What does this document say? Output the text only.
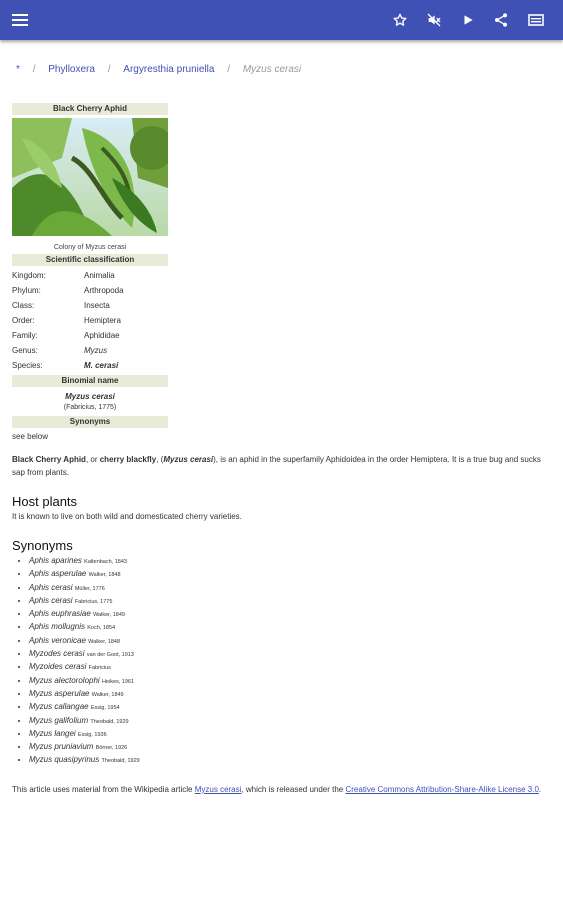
* / Phylloxera / Argyresthia pruniella / Myzus cerasi
Black Cherry Aphid
Colony of Myzus cerasi
Scientific classification
Kingdom:	Animalia
Phylum:	Arthropoda
Class:	Insecta
Order:	Hemiptera
Family:	Aphididae
Genus:	Myzus
Species:	M. cerasi
Binomial name
Myzus cerasi
(Fabricius, 1775)
Synonyms
see below

Black Cherry Aphid, or cherry blackfly, (Myzus cerasi), is an aphid in the superfamily Aphidoidea in the order Hemiptera. It is a true bug and sucks sap from plants.

Host plants

It is known to live on both wild and domesticated cherry varieties.

Synonyms
• Aphis aparines Kaltenbach, 1843
• Aphis asperulae Walker, 1848
• Aphis cerasi Müller, 1776
• Aphis cerasi Fabricius, 1775
• Aphis euphrasiae Walker, 1849
• Aphis mollugnis Koch, 1854
• Aphis veronicae Walker, 1848
• Myzodes cerasi van der Goot, 1913
• Myzoides cerasi Fabricius
• Myzus alectorolophi Heikes, 1961
• Myzus asperulae Walker, 1849
• Myzus callangae Essig, 1954
• Myzus galifolium Theobald, 1929
• Myzus langei Essig, 1936
• Myzus pruniavium Börner, 1926
• Myzus quasipyrinus Theobald, 1929

This article uses material from the Wikipedia article Myzus cerasi, which is released under the Creative Commons Attribution-Share-Alike License 3.0.
